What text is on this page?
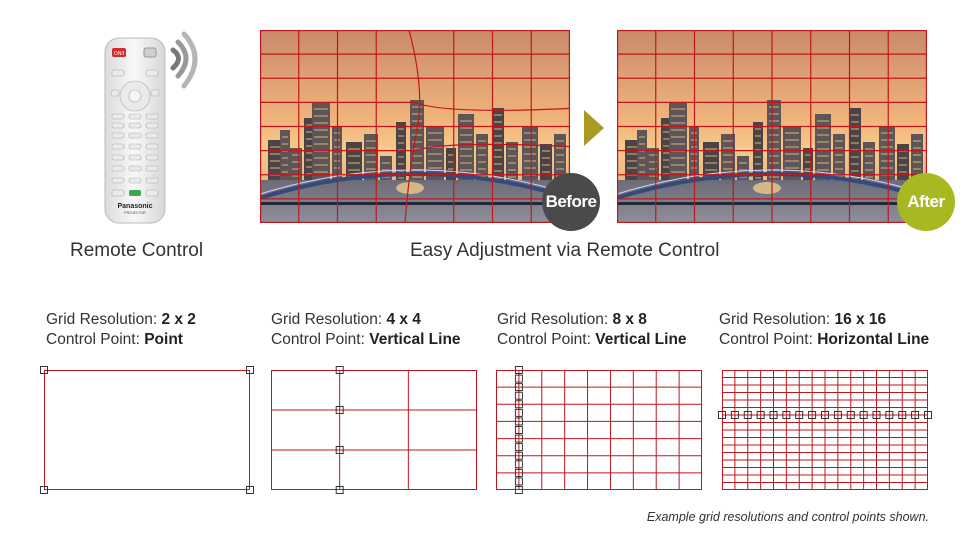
ON/I
Panasonic
PROJECTOR
Before	After
Remote Control	Easy Adjustment via Remote Control
Grid Resolution: 2 x 2
Control Point: Point
Grid Resolution: 4 x 4
Control Point: Vertical Line
Grid Resolution: 8 x 8
Control Point: Vertical Line
Grid Resolution: 16 x 16
Control Point: Horizontal Line
Example grid resolutions and control points shown.
